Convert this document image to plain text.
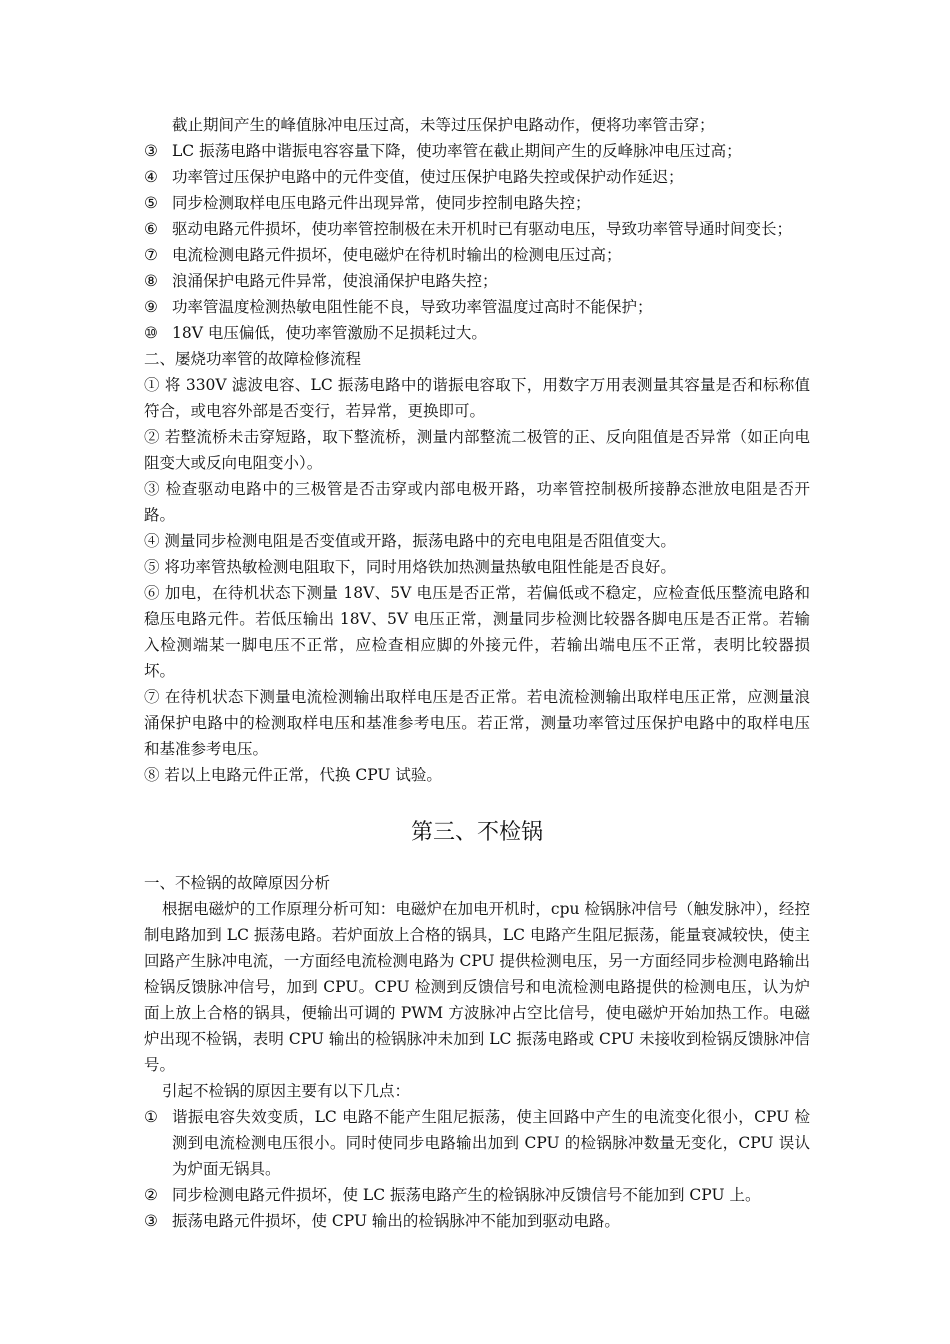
截止期间产生的峰值脉冲电压过高，未等过压保护电路动作，便将功率管击穿；
③ LC 振荡电路中谐振电容容量下降，使功率管在截止期间产生的反峰脉冲电压过高；
④ 功率管过压保护电路中的元件变值，使过压保护电路失控或保护动作延迟；
⑤ 同步检测取样电压电路元件出现异常，使同步控制电路失控；
⑥ 驱动电路元件损坏，使功率管控制极在未开机时已有驱动电压，导致功率管导通时间变长；
⑦ 电流检测电路元件损坏，使电磁炉在待机时输出的检测电压过高；
⑧ 浪涌保护电路元件异常，使浪涌保护电路失控；
⑨ 功率管温度检测热敏电阻性能不良，导致功率管温度过高时不能保护；
⑩ 18V 电压偏低，使功率管激励不足损耗过大。

二、屡烧功率管的故障检修流程

① 将 330V 滤波电容、LC 振荡电路中的谐振电容取下，用数字万用表测量其容量是否和标称值符合，或电容外部是否变行，若异常，更换即可。

② 若整流桥未击穿短路，取下整流桥，测量内部整流二极管的正、反向阻值是否异常（如正向电阻变大或反向电阻变小）。

③ 检查驱动电路中的三极管是否击穿或内部电极开路，功率管控制极所接静态泄放电阻是否开路。

④ 测量同步检测电阻是否变值或开路，振荡电路中的充电电阻是否阻值变大。

⑤ 将功率管热敏检测电阻取下，同时用烙铁加热测量热敏电阻性能是否良好。

⑥ 加电，在待机状态下测量 18V、5V 电压是否正常，若偏低或不稳定，应检查低压整流电路和稳压电路元件。若低压输出 18V、5V 电压正常，测量同步检测比较器各脚电压是否正常。若输入检测端某一脚电压不正常，应检查相应脚的外接元件，若输出端电压不正常，表明比较器损坏。

⑦ 在待机状态下测量电流检测输出取样电压是否正常。若电流检测输出取样电压正常，应测量浪涌保护电路中的检测取样电压和基准参考电压。若正常，测量功率管过压保护电路中的取样电压和基准参考电压。

⑧ 若以上电路元件正常，代换 CPU 试验。

第三、不检锅

一、不检锅的故障原因分析

根据电磁炉的工作原理分析可知：电磁炉在加电开机时，cpu 检锅脉冲信号（触发脉冲），经控制电路加到 LC 振荡电路。若炉面放上合格的锅具，LC 电路产生阻尼振荡，能量衰减较快，使主回路产生脉冲电流，一方面经电流检测电路为 CPU 提供检测电压，另一方面经同步检测电路输出检锅反馈脉冲信号，加到 CPU。CPU 检测到反馈信号和电流检测电路提供的检测电压，认为炉面上放上合格的锅具，便输出可调的 PWM 方波脉冲占空比信号，使电磁炉开始加热工作。电磁炉出现不检锅，表明 CPU 输出的检锅脉冲未加到 LC 振荡电路或 CPU 未接收到检锅反馈脉冲信号。

引起不检锅的原因主要有以下几点：

① 谐振电容失效变质，LC 电路不能产生阻尼振荡，使主回路中产生的电流变化很小，CPU 检测到电流检测电压很小。同时使同步电路输出加到 CPU 的检锅脉冲数量无变化，CPU 误认为炉面无锅具。
② 同步检测电路元件损坏，使 LC 振荡电路产生的检锅脉冲反馈信号不能加到 CPU 上。
③ 振荡电路元件损坏，使 CPU 输出的检锅脉冲不能加到驱动电路。
